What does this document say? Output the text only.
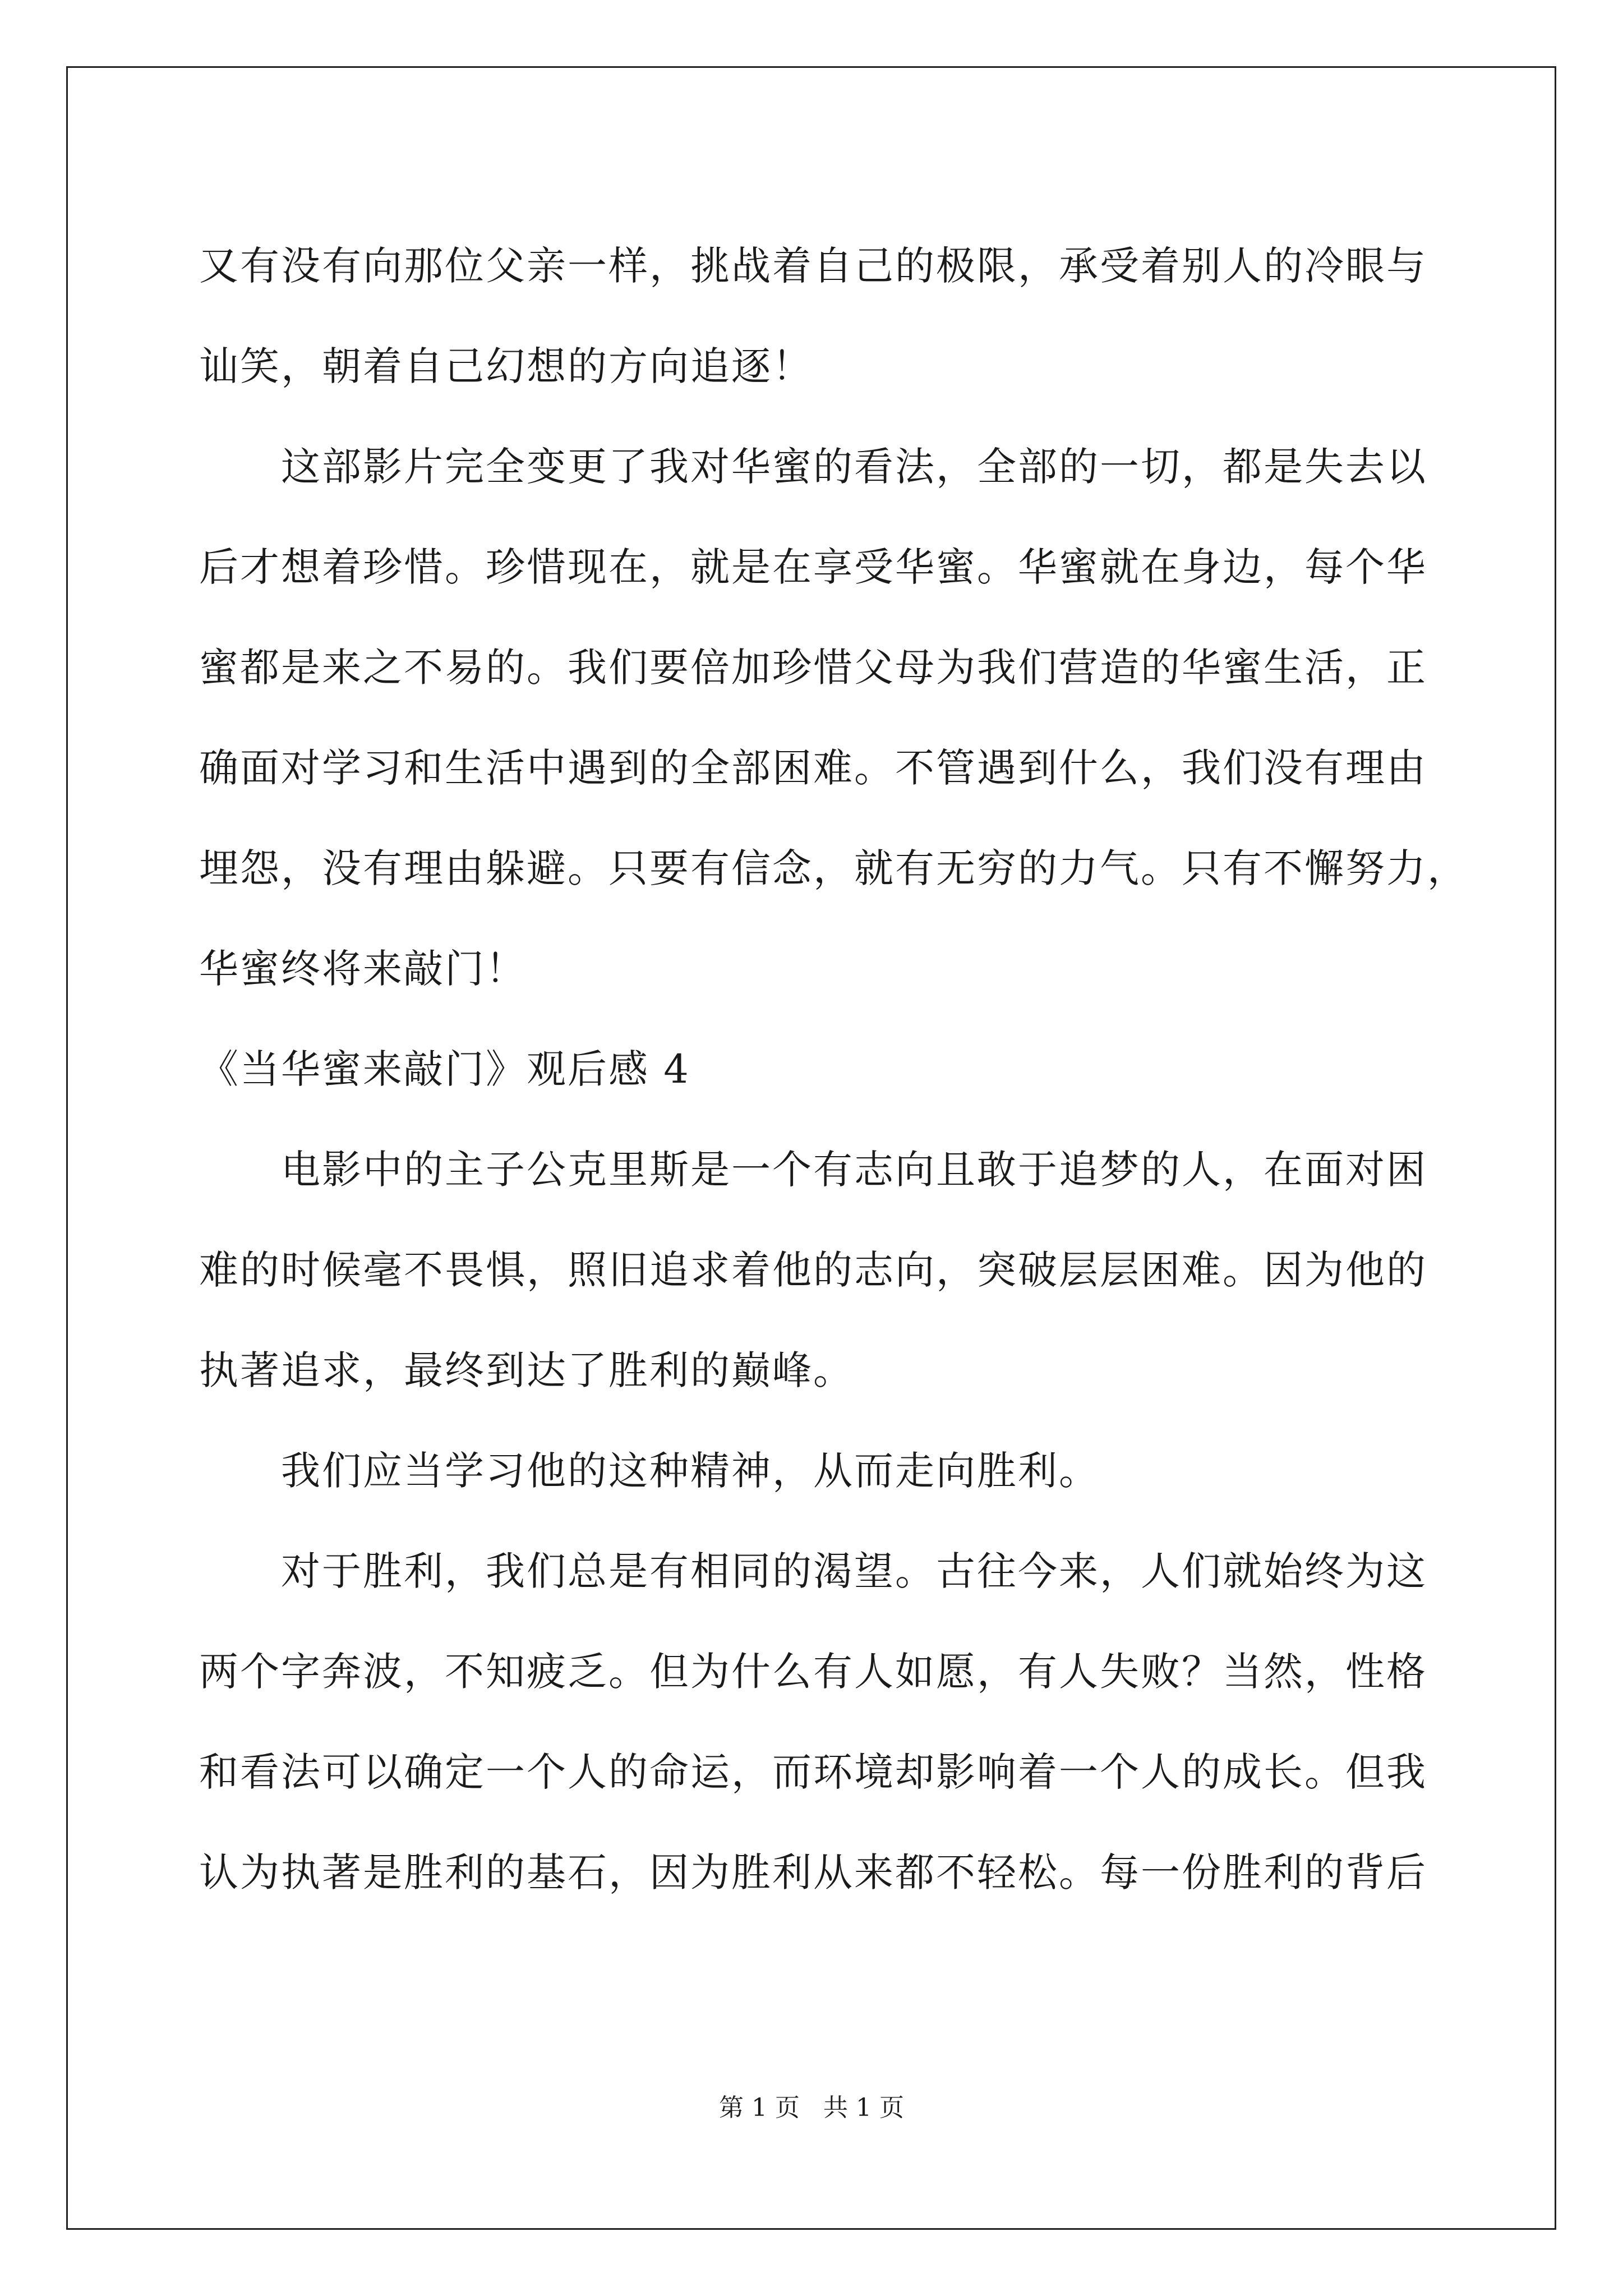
又有没有向那位父亲一样，挑战着自己的极限，承受着别人的冷眼与
讪笑，朝着自己幻想的方向追逐！
这部影片完全变更了我对华蜜的看法，全部的一切，都是失去以
后才想着珍惜。珍惜现在，就是在享受华蜜。华蜜就在身边，每个华
蜜都是来之不易的。我们要倍加珍惜父母为我们营造的华蜜生活，正
确面对学习和生活中遇到的全部困难。不管遇到什么，我们没有理由
埋怨，没有理由躲避。只要有信念，就有无穷的力气。只有不懈努力，
华蜜终将来敲门！
《当华蜜来敲门》观后感 4
电影中的主子公克里斯是一个有志向且敢于追梦的人，在面对困
难的时候毫不畏惧，照旧追求着他的志向，突破层层困难。因为他的
执著追求，最终到达了胜利的巅峰。
我们应当学习他的这种精神，从而走向胜利。
对于胜利，我们总是有相同的渴望。古往今来，人们就始终为这
两个字奔波，不知疲乏。但为什么有人如愿，有人失败？当然，性格
和看法可以确定一个人的命运，而环境却影响着一个人的成长。但我
认为执著是胜利的基石，因为胜利从来都不轻松。每一份胜利的背后
第 1 页   共 1 页
